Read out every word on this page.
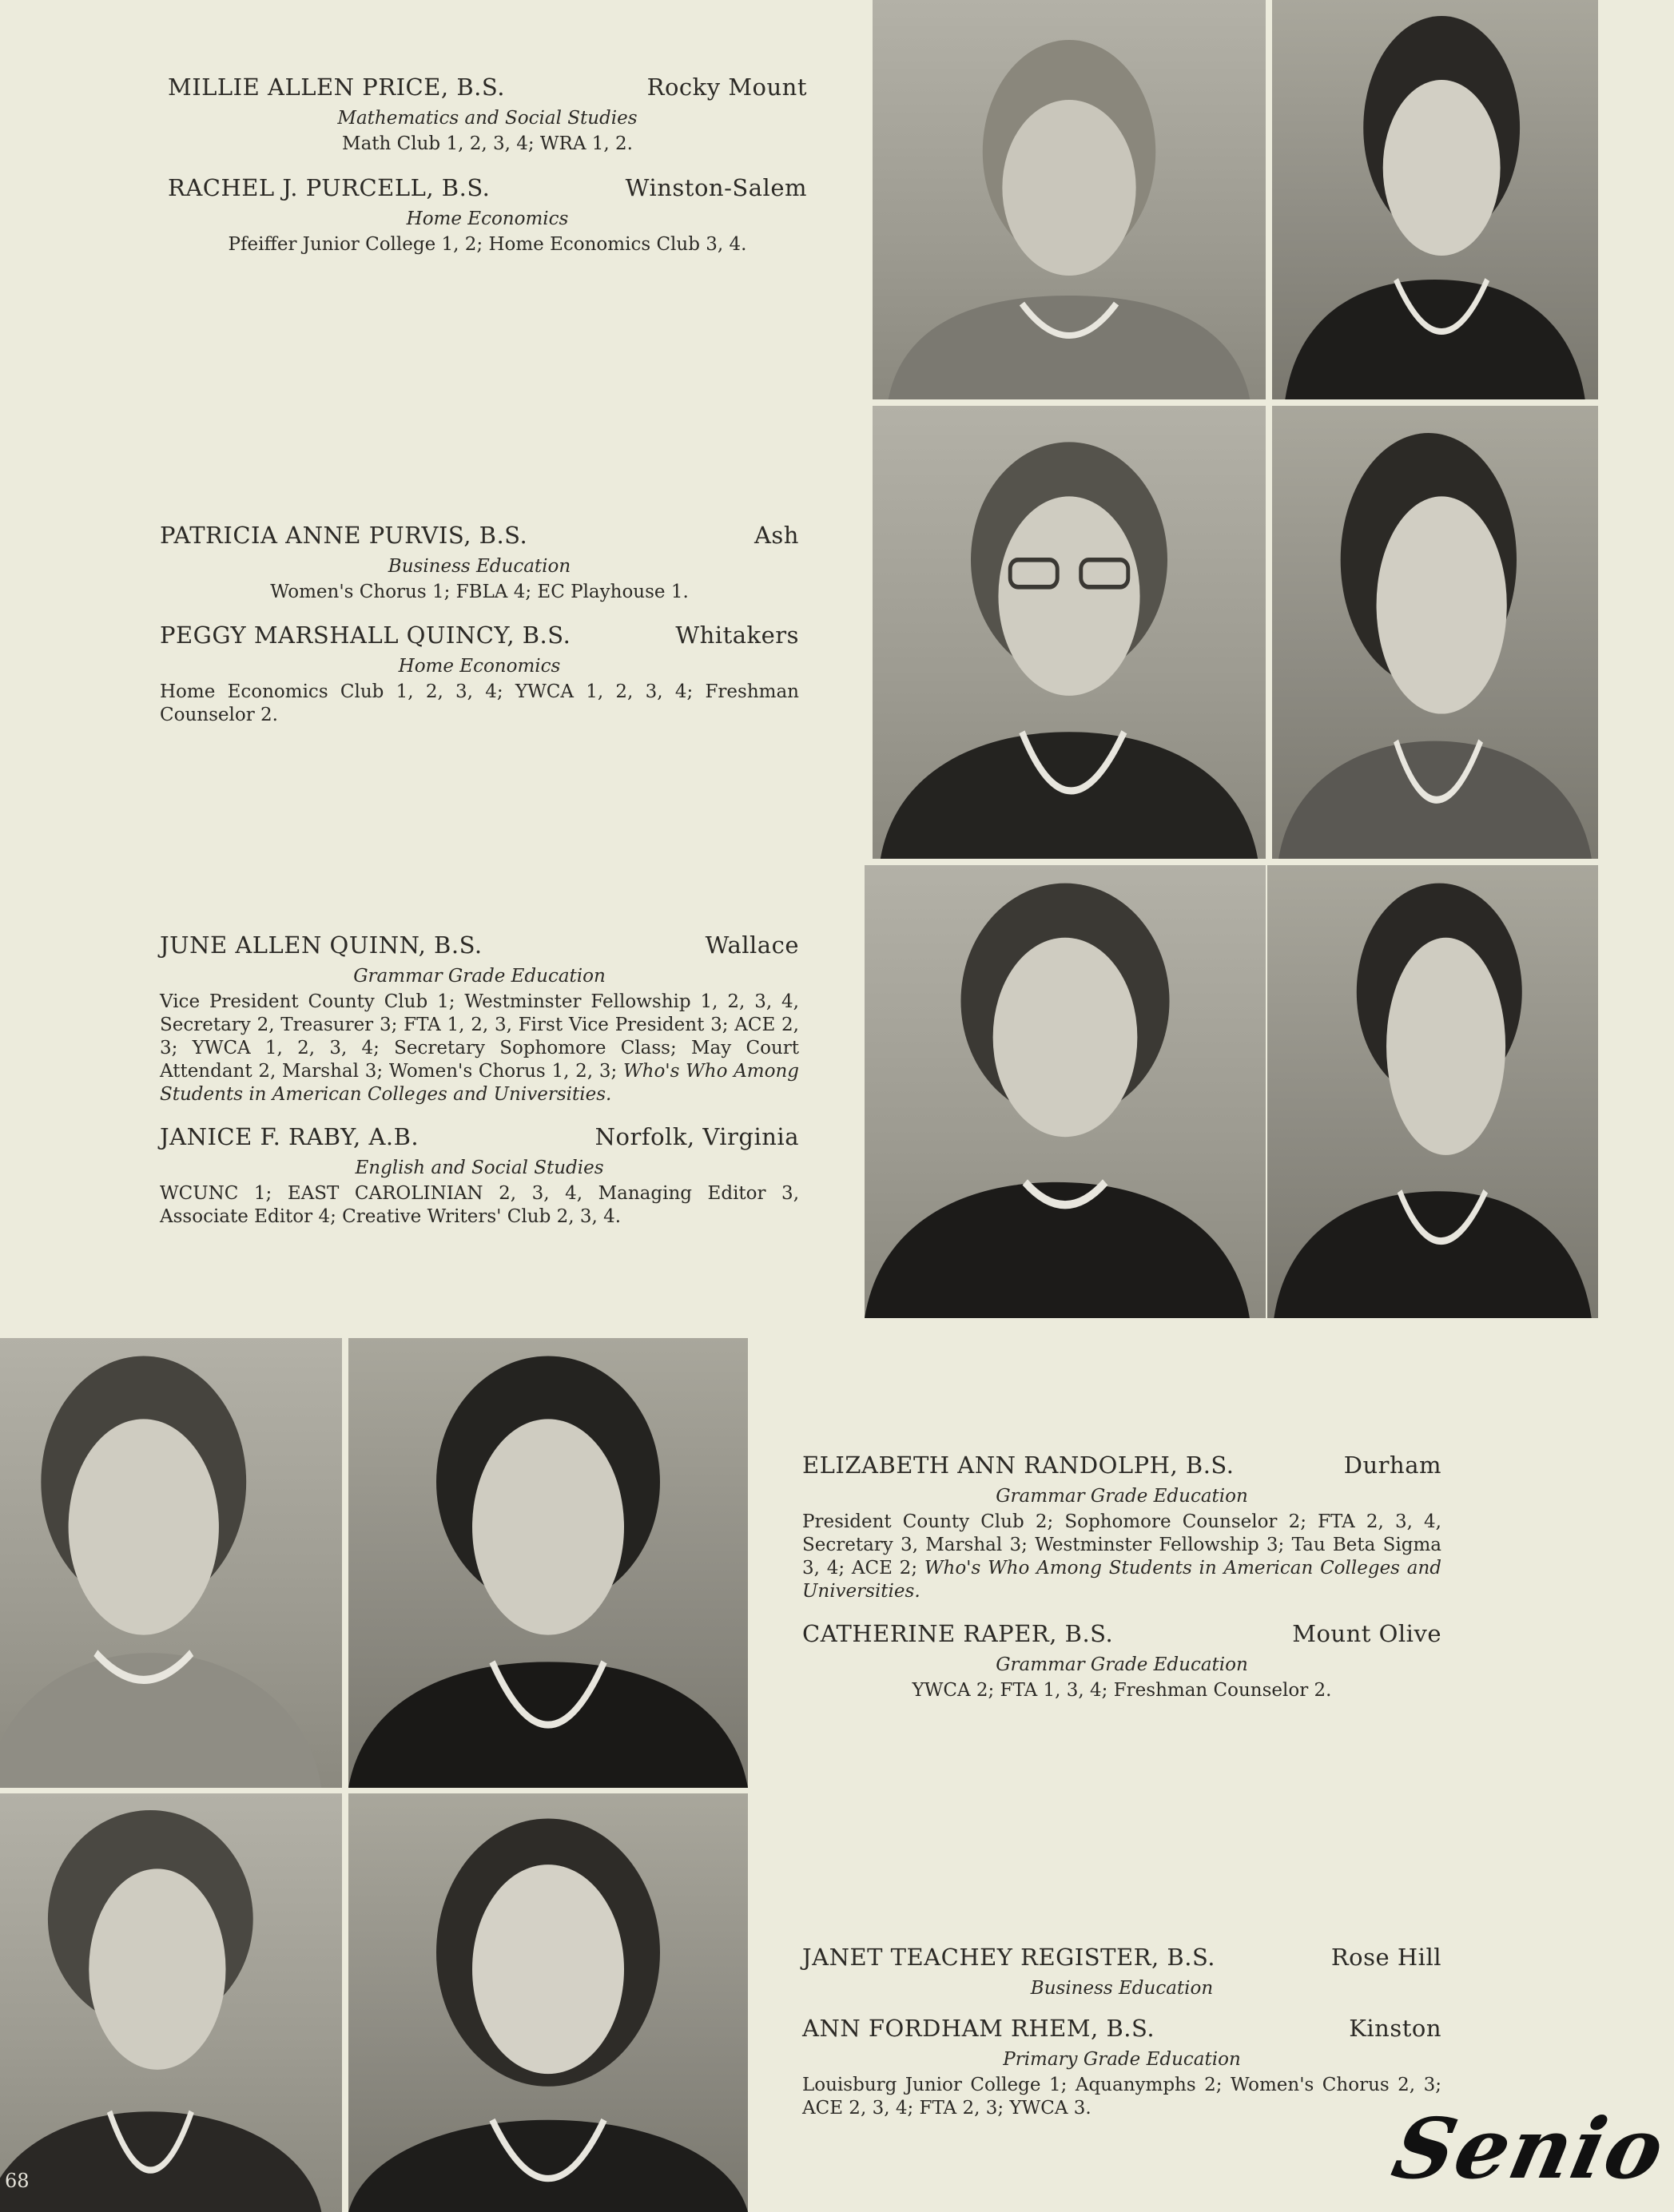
MILLIE ALLEN PRICE, B.S.	Rocky Mount
Mathematics and Social Studies
Math Club 1, 2, 3, 4; WRA 1, 2.
RACHEL J. PURCELL, B.S.	Winston-Salem
Home Economics
Pfeiffer Junior College 1, 2; Home Economics Club 3, 4.
PATRICIA ANNE PURVIS, B.S.	Ash
Business Education
Women's Chorus 1; FBLA 4; EC Playhouse 1.
PEGGY MARSHALL QUINCY, B.S.	Whitakers
Home Economics
Home Economics Club 1, 2, 3, 4; YWCA 1, 2, 3, 4; Freshman Counselor 2.
JUNE ALLEN QUINN, B.S.	Wallace
Grammar Grade Education
Vice President County Club 1; Westminster Fellowship 1, 2, 3, 4, Secretary 2, Treasurer 3; FTA 1, 2, 3, First Vice President 3; ACE 2, 3; YWCA 1, 2, 3, 4; Secretary Sophomore Class; May Court Attendant 2, Marshal 3; Women's Chorus 1, 2, 3; Who's Who Among Students in American Colleges and Universities.
JANICE F. RABY, A.B.	Norfolk, Virginia
English and Social Studies
WCUNC 1; EAST CAROLINIAN 2, 3, 4, Managing Editor 3, Associate Editor 4; Creative Writers' Club 2, 3, 4.
ELIZABETH ANN RANDOLPH, B.S.	Durham
Grammar Grade Education
President County Club 2; Sophomore Counselor 2; FTA 2, 3, 4, Secretary 3, Marshal 3; Westminster Fellowship 3; Tau Beta Sigma 3, 4; ACE 2; Who's Who Among Students in American Colleges and Universities.
CATHERINE RAPER, B.S.	Mount Olive
Grammar Grade Education
YWCA 2; FTA 1, 3, 4; Freshman Counselor 2.
JANET TEACHEY REGISTER, B.S.	Rose Hill
Business Education
ANN FORDHAM RHEM, B.S.	Kinston
Primary Grade Education
Louisburg Junior College 1; Aquanymphs 2; Women's Chorus 2, 3; ACE 2, 3, 4; FTA 2, 3; YWCA 3.
68	Senio
